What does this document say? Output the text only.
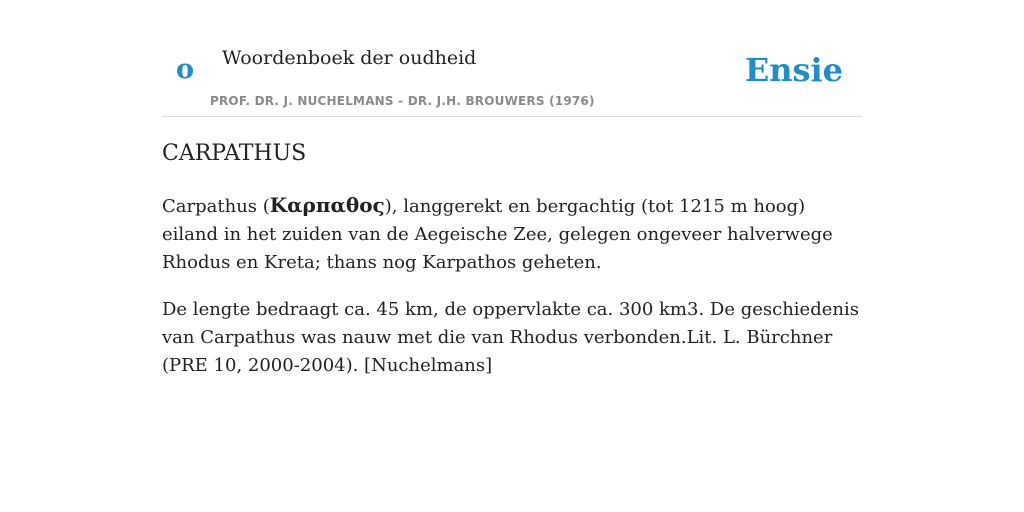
o Woordenboek der oudheid
PROF. DR. J. NUCHELMANS - DR. J.H. BROUWERS (1976)
Ensie
CARPATHUS

Carpathus (Καρπαθος), langgerekt en bergachtig (tot 1215 m hoog) eiland in het zuiden van de Aegeische Zee, gelegen ongeveer halverwege Rhodus en Kreta; thans nog Karpathos geheten.

De lengte bedraagt ca. 45 km, de oppervlakte ca. 300 km3. De geschiedenis van Carpathus was nauw met die van Rhodus verbonden.Lit. L. Bürchner (PRE 10, 2000-2004). [Nuchelmans]
